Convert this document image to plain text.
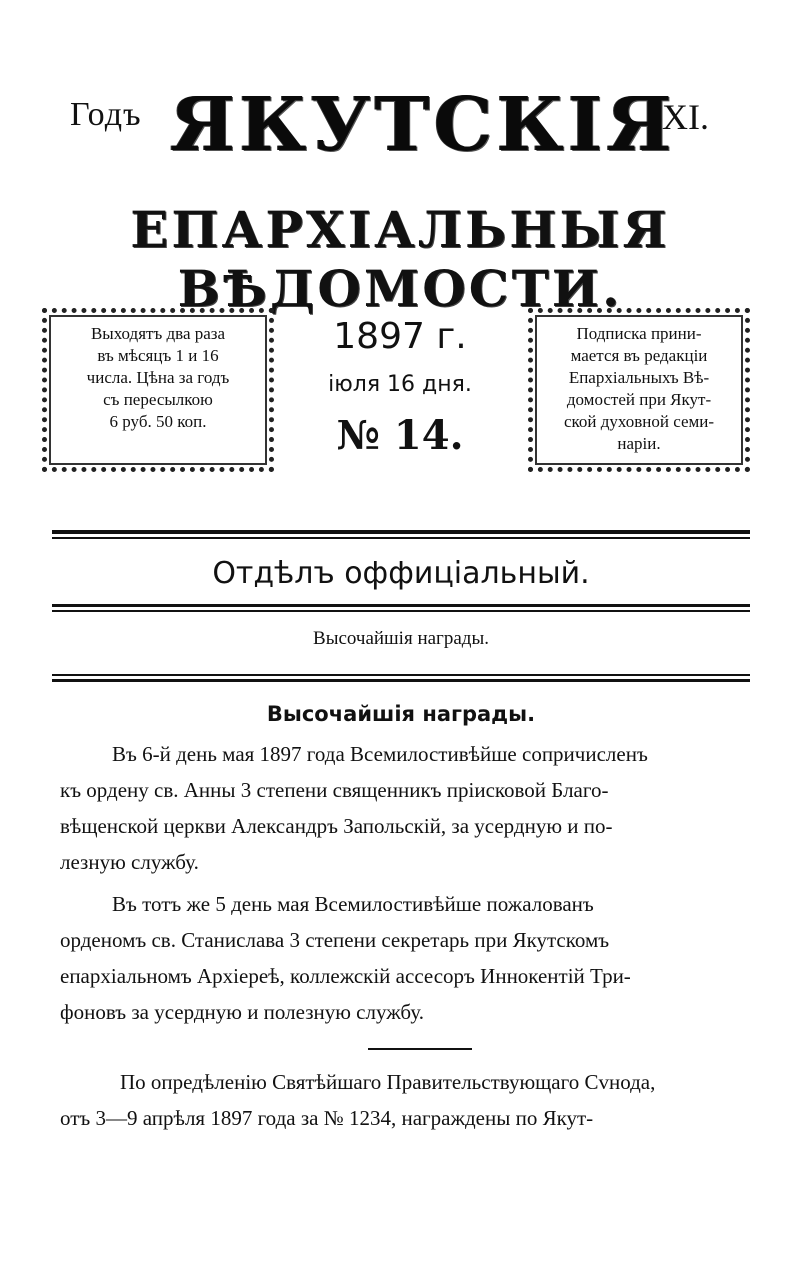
Годъ ЯКУТСКІЯ
XI.
ЕПАРХІАЛЬНЫЯ ВѢДОМОСТИ.
Выходятъ два раза
въ мѣсяцъ 1 и 16
числа. Цѣна за годъ
съ пересылкою
6 руб. 50 коп.
1897 г.
іюля 16 дня.
№ 14.
Подписка прини-
мается въ редакціи
Епархіальныхъ Вѣ-
домостей при Якут-
ской духовной семи-
наріи.
Отдѣлъ оффиціальный.
Высочайшія награды.
Высочайшія награды.
Въ 6-й день мая 1897 года Всемилостивѣйше сопричисленъ
къ ордену св. Анны 3 степени священникъ пріисковой Благо-
вѣщенской церкви Александръ Запольскій, за усердную и по-
лезную службу.
Въ тотъ же 5 день мая Всемилостивѣйше пожалованъ
орденомъ св. Станислава 3 степени секретарь при Якутскомъ
епархіальномъ Архіереѣ, коллежскій ассесоръ Иннокентій Три-
фоновъ за усердную и полезную службу.
По опредѣленію Святѣйшаго Правительствующаго Сvнода,
отъ 3—9 апрѣля 1897 года за № 1234, награждены по Якут-
